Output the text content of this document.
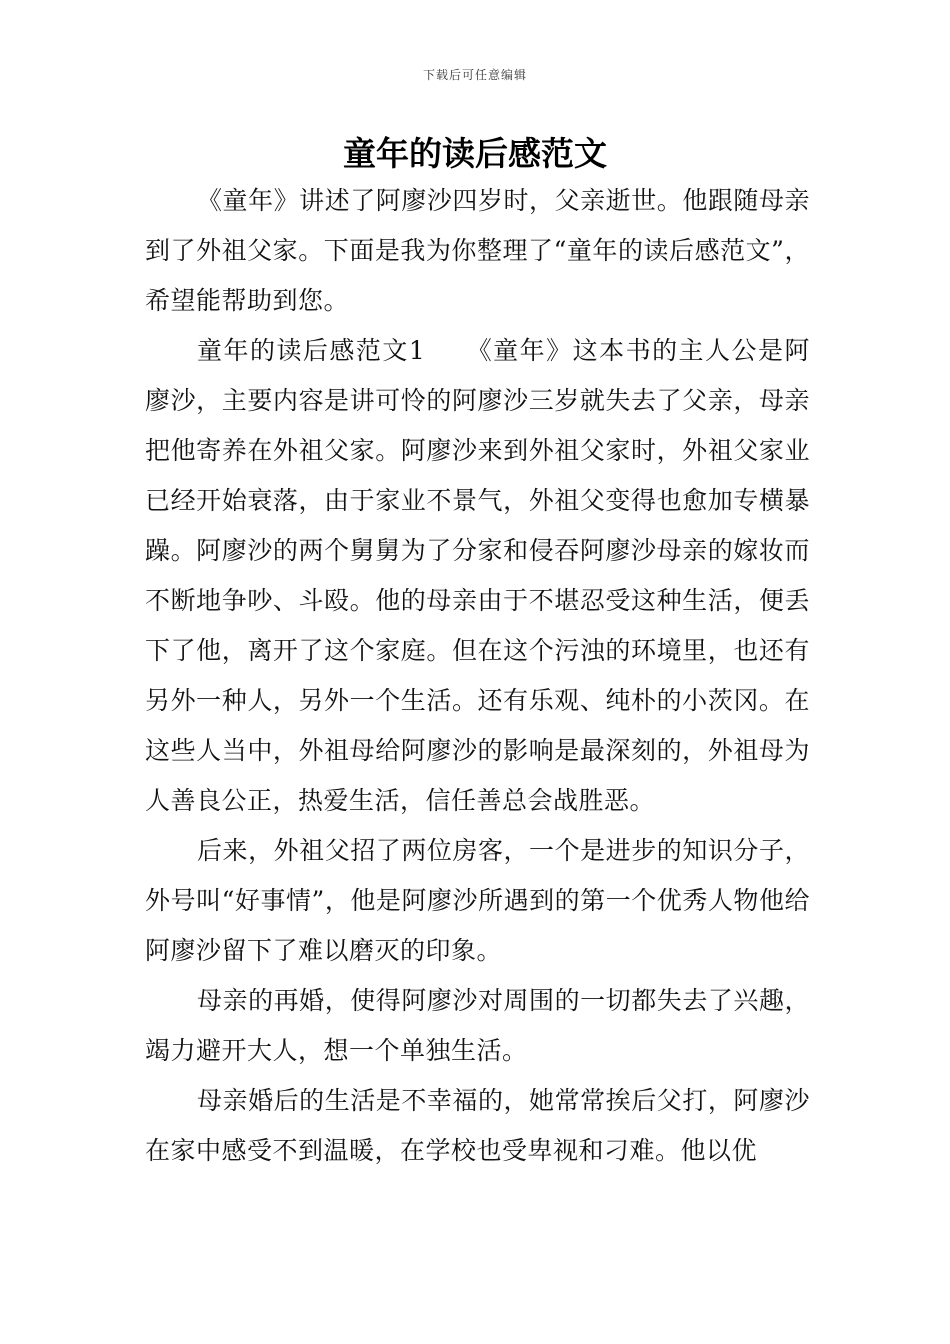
下载后可任意编辑
童年的读后感范文

《童年》讲述了阿廖沙四岁时，父亲逝世。他跟随母亲到了外祖父家。下面是我为你整理了“童年的读后感范文”，希望能帮助到您。

童年的读后感范文1　　《童年》这本书的主人公是阿廖沙，主要内容是讲可怜的阿廖沙三岁就失去了父亲，母亲把他寄养在外祖父家。阿廖沙来到外祖父家时，外祖父家业已经开始衰落，由于家业不景气，外祖父变得也愈加专横暴躁。阿廖沙的两个舅舅为了分家和侵吞阿廖沙母亲的嫁妆而不断地争吵、斗殴。他的母亲由于不堪忍受这种生活，便丢下了他，离开了这个家庭。但在这个污浊的环境里，也还有另外一种人，另外一个生活。还有乐观、纯朴的小茨冈。在这些人当中，外祖母给阿廖沙的影响是最深刻的，外祖母为人善良公正，热爱生活，信任善总会战胜恶。

后来，外祖父招了两位房客，一个是进步的知识分子，外号叫“好事情”，他是阿廖沙所遇到的第一个优秀人物他给阿廖沙留下了难以磨灭的印象。

母亲的再婚，使得阿廖沙对周围的一切都失去了兴趣，竭力避开大人，想一个单独生活。

母亲婚后的生活是不幸福的，她常常挨后父打，阿廖沙在家中感受不到温暖，在学校也受卑视和刁难。他以优
